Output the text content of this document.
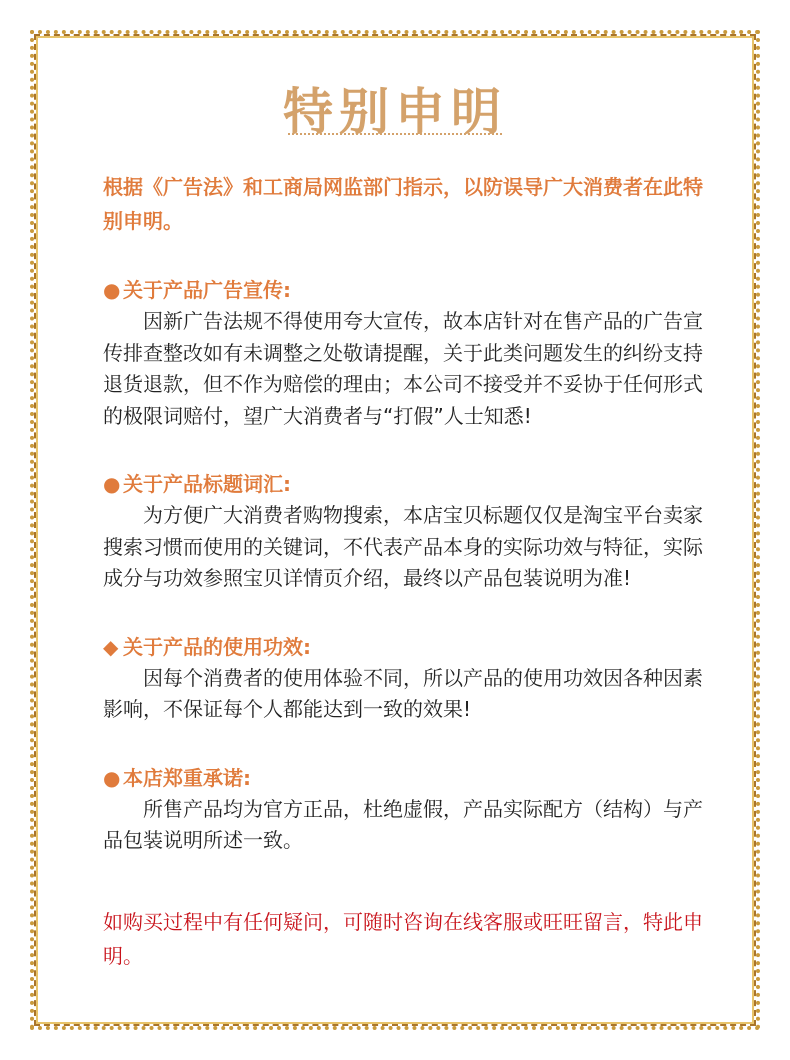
特别申明

根据《广告法》和工商局网监部门指示，以防误导广大消费者在此特别申明。

● 关于产品广告宣传:

因新广告法规不得使用夸大宣传，故本店针对在售产品的广告宣传排查整改如有未调整之处敬请提醒，关于此类问题发生的纠纷支持退货退款，但不作为赔偿的理由；本公司不接受并不妥协于任何形式的极限词赔付，望广大消费者与“打假”人士知悉!

● 关于产品标题词汇:

为方便广大消费者购物搜索，本店宝贝标题仅仅是淘宝平台卖家搜索习惯而使用的关键词，不代表产品本身的实际功效与特征，实际成分与功效参照宝贝详情页介绍，最终以产品包装说明为准!

◆ 关于产品的使用功效:

因每个消费者的使用体验不同，所以产品的使用功效因各种因素影响，不保证每个人都能达到一致的效果!

● 本店郑重承诺:

所售产品均为官方正品，杜绝虚假，产品实际配方（结构）与产品包装说明所述一致。

如购买过程中有任何疑问，可随时咨询在线客服或旺旺留言，特此申明。
